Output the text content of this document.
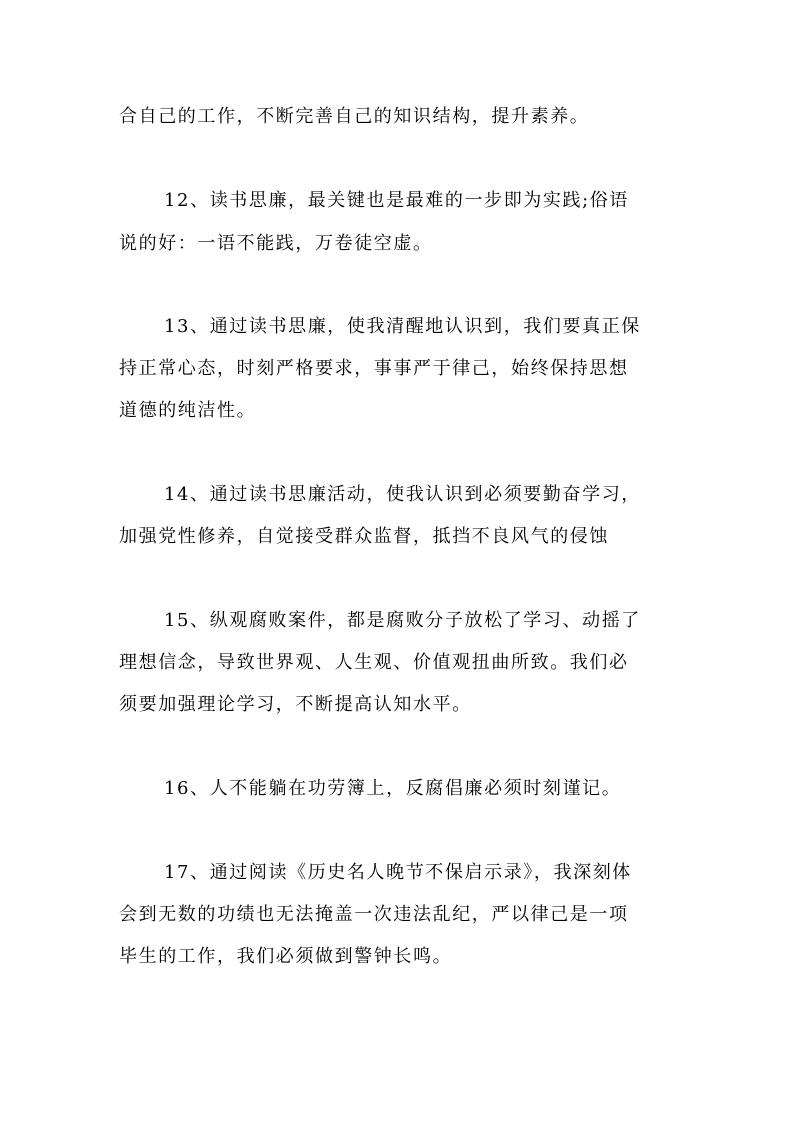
合自己的工作，不断完善自己的知识结构，提升素养。
12、读书思廉，最关键也是最难的一步即为实践;俗语
说的好：一语不能践，万卷徒空虚。
13、通过读书思廉，使我清醒地认识到，我们要真正保
持正常心态，时刻严格要求，事事严于律己，始终保持思想
道德的纯洁性。
14、通过读书思廉活动，使我认识到必须要勤奋学习，
加强党性修养，自觉接受群众监督，抵挡不良风气的侵蚀
15、纵观腐败案件，都是腐败分子放松了学习、动摇了
理想信念，导致世界观、人生观、价值观扭曲所致。我们必
须要加强理论学习，不断提高认知水平。
16、人不能躺在功劳簿上，反腐倡廉必须时刻谨记。
17、通过阅读《历史名人晚节不保启示录》，我深刻体
会到无数的功绩也无法掩盖一次违法乱纪，严以律己是一项
毕生的工作，我们必须做到警钟长鸣。
